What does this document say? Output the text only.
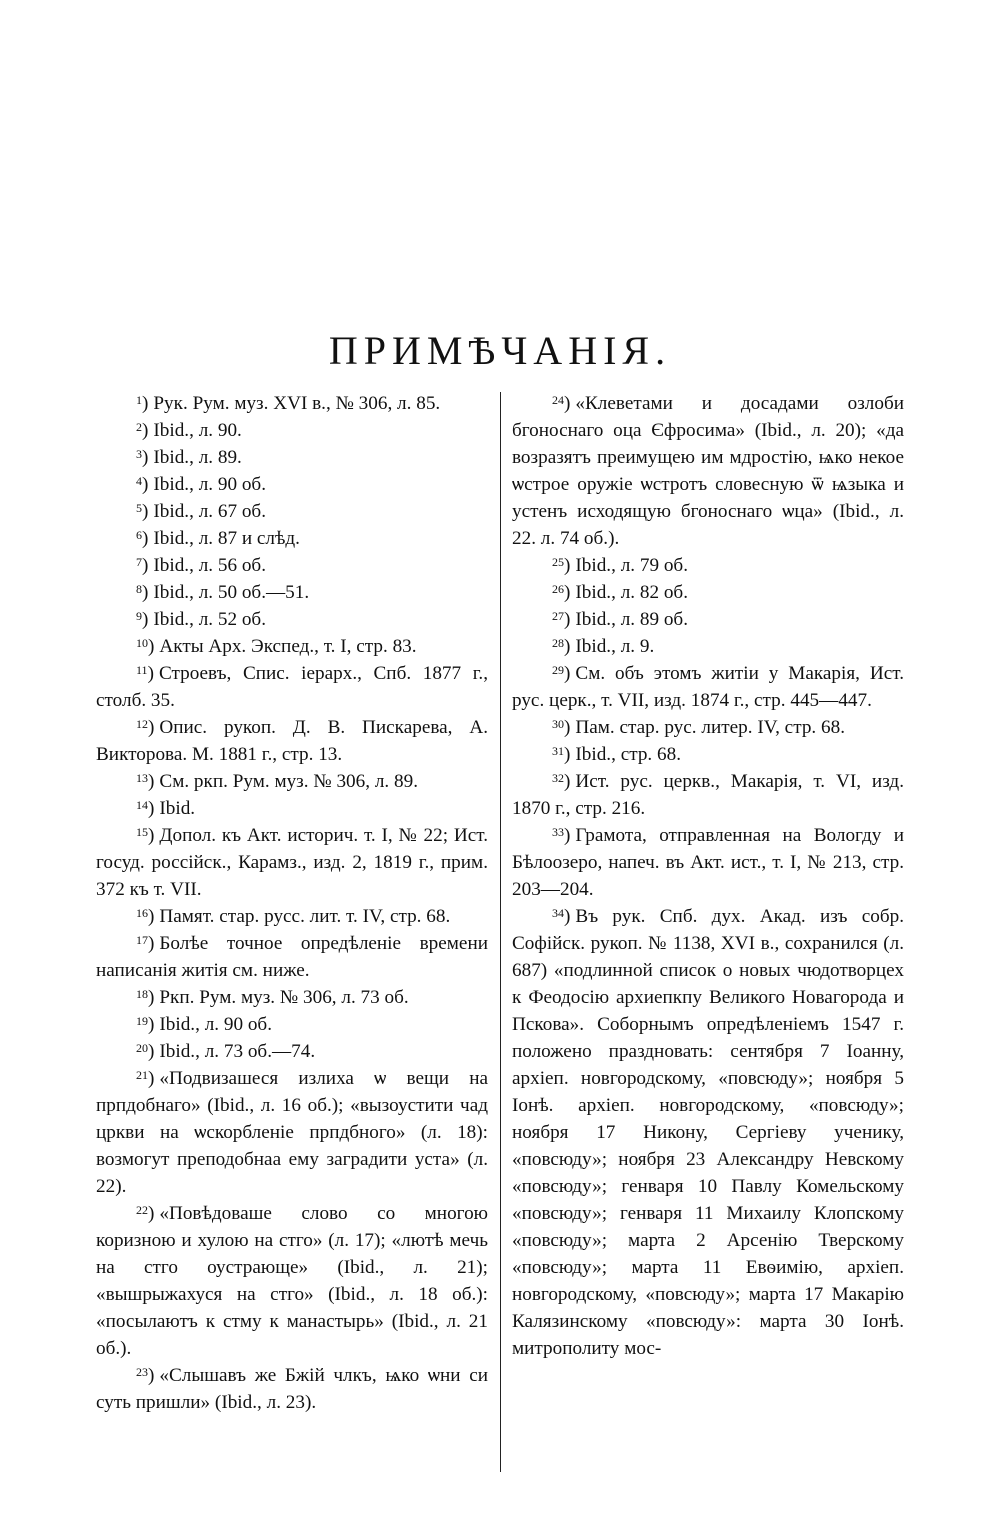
ПРИМѢЧАНІЯ.

$^1$) Рук. Рум. муз. XVI в., № 306, л. 85.

$^2$) Ibid., л. 90.

$^3$) Ibid., л. 89.

$^4$) Ibid., л. 90 об.

$^5$) Ibid., л. 67 об.

$^6$) Ibid., л. 87 и слѣд.

$^7$) Ibid., л. 56 об.

$^8$) Ibid., л. 50 об.—51.

$^9$) Ibid., л. 52 об.

$^{10}$) Акты Арх. Экспед., т. I, стр. 83.

$^{11}$) Строевъ, Спис. іерарх., Спб. 1877 г., столб. 35.

$^{12}$) Опис. рукоп. Д. В. Пискарева, А. Викторова. М. 1881 г., стр. 13.

$^{13}$) См. ркп. Рум. муз. № 306, л. 89.

$^{14}$) Ibid.

$^{15}$) Допол. къ Акт. историч. т. I, № 22; Ист. госуд. россійск., Карамз., изд. 2, 1819 г., прим. 372 къ т. VII.

$^{16}$) Памят. стар. русс. лит. т. IV, стр. 68.

$^{17}$) Болѣе точное опредѣленіе времени написанія житія см. ниже.

$^{18}$) Ркп. Рум. муз. № 306, л. 73 об.

$^{19}$) Ibid., л. 90 об.

$^{20}$) Ibid., л. 73 об.—74.

$^{21}$) «Подвизашеся излиха ѡ вещи на прпдобнаго» (Ibid., л. 16 об.); «вызоустити чад цркви на ѡскорбленіе прпдбного» (л. 18): возмогут преподобнаа ему заградити уста» (л. 22).

$^{22}$) «Повѣдоваше слово со многою коризною и хулою на стго» (л. 17); «лютѣ мечь на стго оустрающе» (Ibid., л. 21); «вышрыжахуся на стго» (Ibid., л. 18 об.): «посылаютъ к стму к манастырь» (Ibid., л. 21 об.).

$^{23}$) «Слышавъ же Бжій члкъ, ѩко ѡни си суть пришли» (Ibid., л. 23).

$^{24}$) «Клеветами и досадами озлоби бгоноснаго оца Єфросима» (Ibid., л. 20); «да возразятъ преимущею им мдростію, ѩко некое ѡстрое оружіе ѡстротъ словесную ѿ ѩзыка и устенъ исходящую бгоноснаго ѡца» (Ibid., л. 22. л. 74 об.).

$^{25}$) Ibid., л. 79 об.

$^{26}$) Ibid., л. 82 об.

$^{27}$) Ibid., л. 89 об.

$^{28}$) Ibid., л. 9.

$^{29}$) См. объ этомъ житіи у Макарія, Ист. рус. церк., т. VII, изд. 1874 г., стр. 445—447.

$^{30}$) Пам. стар. рус. литер. IV, стр. 68.

$^{31}$) Ibid., стр. 68.

$^{32}$) Ист. рус. церкв., Макарія, т. VI, изд. 1870 г., стр. 216.

$^{33}$) Грамота, отправленная на Вологду и Бѣлоозеро, напеч. въ Акт. ист., т. I, № 213, стр. 203—204.

$^{34}$) Въ рук. Спб. дух. Акад. изъ собр. Софійск. рукоп. № 1138, XVI в., сохранился (л. 687) «подлинной список о новых чюдотворцех к Феодосію архиепкпу Великого Новагорода и Пскова». Соборнымъ опредѣленіемъ 1547 г. положено праздновать: сентября 7 Іоанну, архіеп. новгородскому, «повсюду»; ноября 5 Іонѣ. архіеп. новгородскому, «повсюду»; ноября 17 Никону, Сергіеву ученику, «повсюду»; ноября 23 Александру Невскому «повсюду»; генваря 10 Павлу Комельскому «повсюду»; генваря 11 Михаилу Клопскому «повсюду»; марта 2 Арсенію Тверскому «повсюду»; марта 11 Евѳимію, архіеп. новгородскому, «повсюду»; марта 17 Макарію Калязинскому «повсюду»: марта 30 Іонѣ. митрополиту мос-
